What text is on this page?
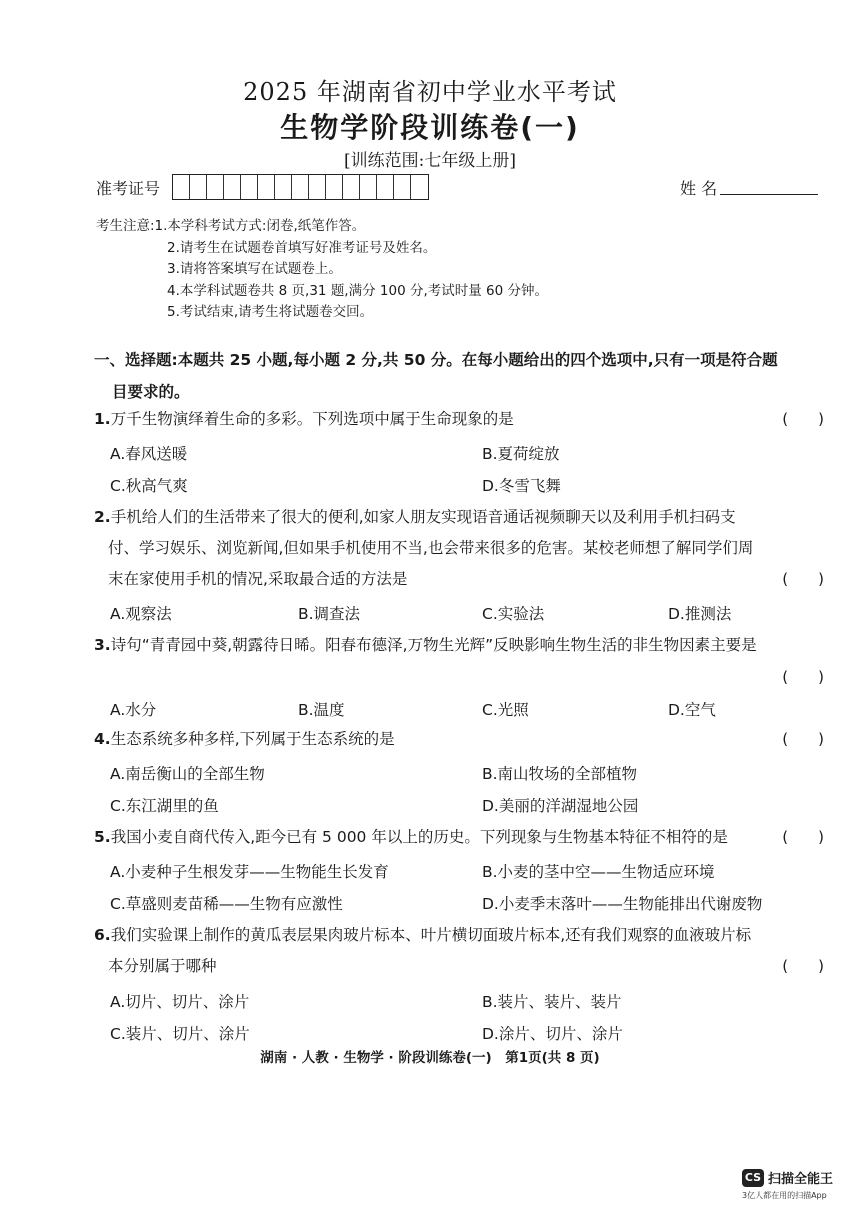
2025 年湖南省初中学业水平考试
生物学阶段训练卷(一)
[训练范围:七年级上册]
准考证号	姓 名
考生注意:1.本学科考试方式:闭卷,纸笔作答。
2.请考生在试题卷首填写好准考证号及姓名。
3.请将答案填写在试题卷上。
4.本学科试题卷共 8 页,31 题,满分 100 分,考试时量 60 分钟。
5.考试结束,请考生将试题卷交回。
一、选择题:本题共 25 小题,每小题 2 分,共 50 分。在每小题给出的四个选项中,只有一项是符合题
目要求的。
1.万千生物演绎着生命的多彩。下列选项中属于生命现象的是	(　　)
A.春风送暖	B.夏荷绽放
C.秋高气爽	D.冬雪飞舞
2.手机给人们的生活带来了很大的便利,如家人朋友实现语音通话视频聊天以及利用手机扫码支
付、学习娱乐、浏览新闻,但如果手机使用不当,也会带来很多的危害。某校老师想了解同学们周
末在家使用手机的情况,采取最合适的方法是	(　　)
A.观察法	B.调查法	C.实验法	D.推测法
3.诗句“青青园中葵,朝露待日晞。阳春布德泽,万物生光辉”反映影响生物生活的非生物因素主要是
(　　)
A.水分	B.温度	C.光照	D.空气
4.生态系统多种多样,下列属于生态系统的是	(　　)
A.南岳衡山的全部生物	B.南山牧场的全部植物
C.东江湖里的鱼	D.美丽的洋湖湿地公园
5.我国小麦自商代传入,距今已有 5 000 年以上的历史。下列现象与生物基本特征不相符的是	(　　)
A.小麦种子生根发芽——生物能生长发育	B.小麦的茎中空——生物适应环境
C.草盛则麦苗稀——生物有应激性	D.小麦季末落叶——生物能排出代谢废物
6.我们实验课上制作的黄瓜表层果肉玻片标本、叶片横切面玻片标本,还有我们观察的血液玻片标
本分别属于哪种	(　　)
A.切片、切片、涂片	B.装片、装片、装片
C.装片、切片、涂片	D.涂片、切片、涂片
湖南 · 人教 · 生物学 · 阶段训练卷(一)　第1页(共 8 页)
CS 扫描全能王
3亿人都在用的扫描App
